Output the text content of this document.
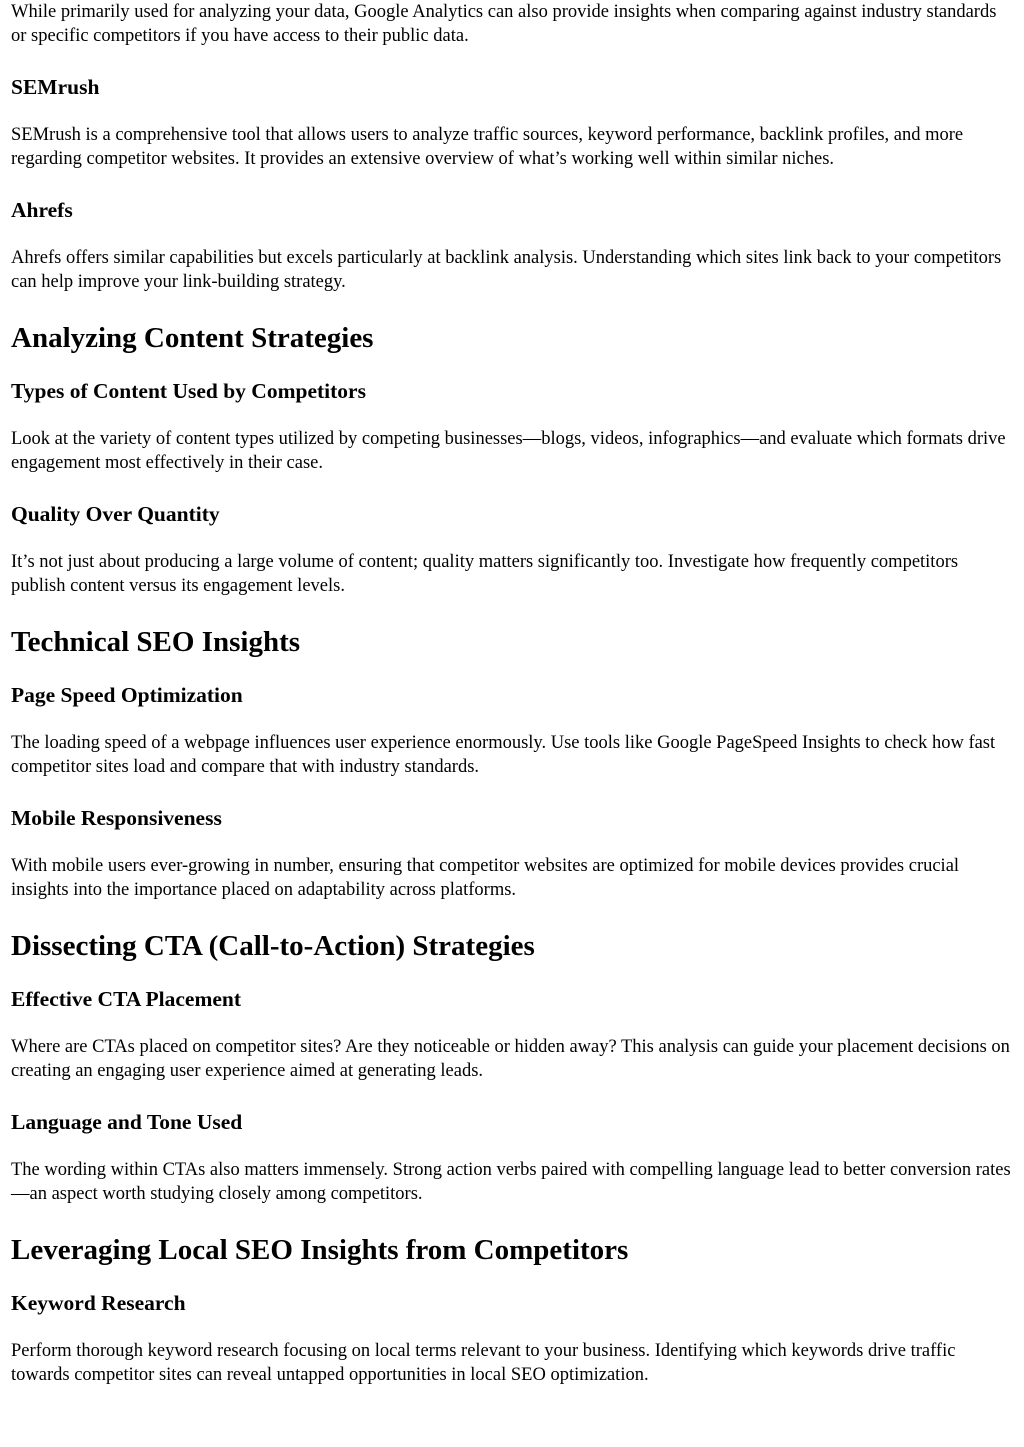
While primarily used for analyzing your data, Google Analytics can also provide insights when comparing against industry standards or specific competitors if you have access to their public data.

SEMrush

SEMrush is a comprehensive tool that allows users to analyze traffic sources, keyword performance, backlink profiles, and more regarding competitor websites. It provides an extensive overview of what’s working well within similar niches.

Ahrefs

Ahrefs offers similar capabilities but excels particularly at backlink analysis. Understanding which sites link back to your competitors can help improve your link-building strategy.

Analyzing Content Strategies
Types of Content Used by Competitors

Look at the variety of content types utilized by competing businesses—blogs, videos, infographics—and evaluate which formats drive engagement most effectively in their case.

Quality Over Quantity

It’s not just about producing a large volume of content; quality matters significantly too. Investigate how frequently competitors publish content versus its engagement levels.

Technical SEO Insights
Page Speed Optimization

The loading speed of a webpage influences user experience enormously. Use tools like Google PageSpeed Insights to check how fast competitor sites load and compare that with industry standards.

Mobile Responsiveness

With mobile users ever-growing in number, ensuring that competitor websites are optimized for mobile devices provides crucial insights into the importance placed on adaptability across platforms.

Dissecting CTA (Call-to-Action) Strategies
Effective CTA Placement

Where are CTAs placed on competitor sites? Are they noticeable or hidden away? This analysis can guide your placement decisions on creating an engaging user experience aimed at generating leads.

Language and Tone Used

The wording within CTAs also matters immensely. Strong action verbs paired with compelling language lead to better conversion rates—an aspect worth studying closely among competitors.

Leveraging Local SEO Insights from Competitors
Keyword Research

Perform thorough keyword research focusing on local terms relevant to your business. Identifying which keywords drive traffic towards competitor sites can reveal untapped opportunities in local SEO optimization.
